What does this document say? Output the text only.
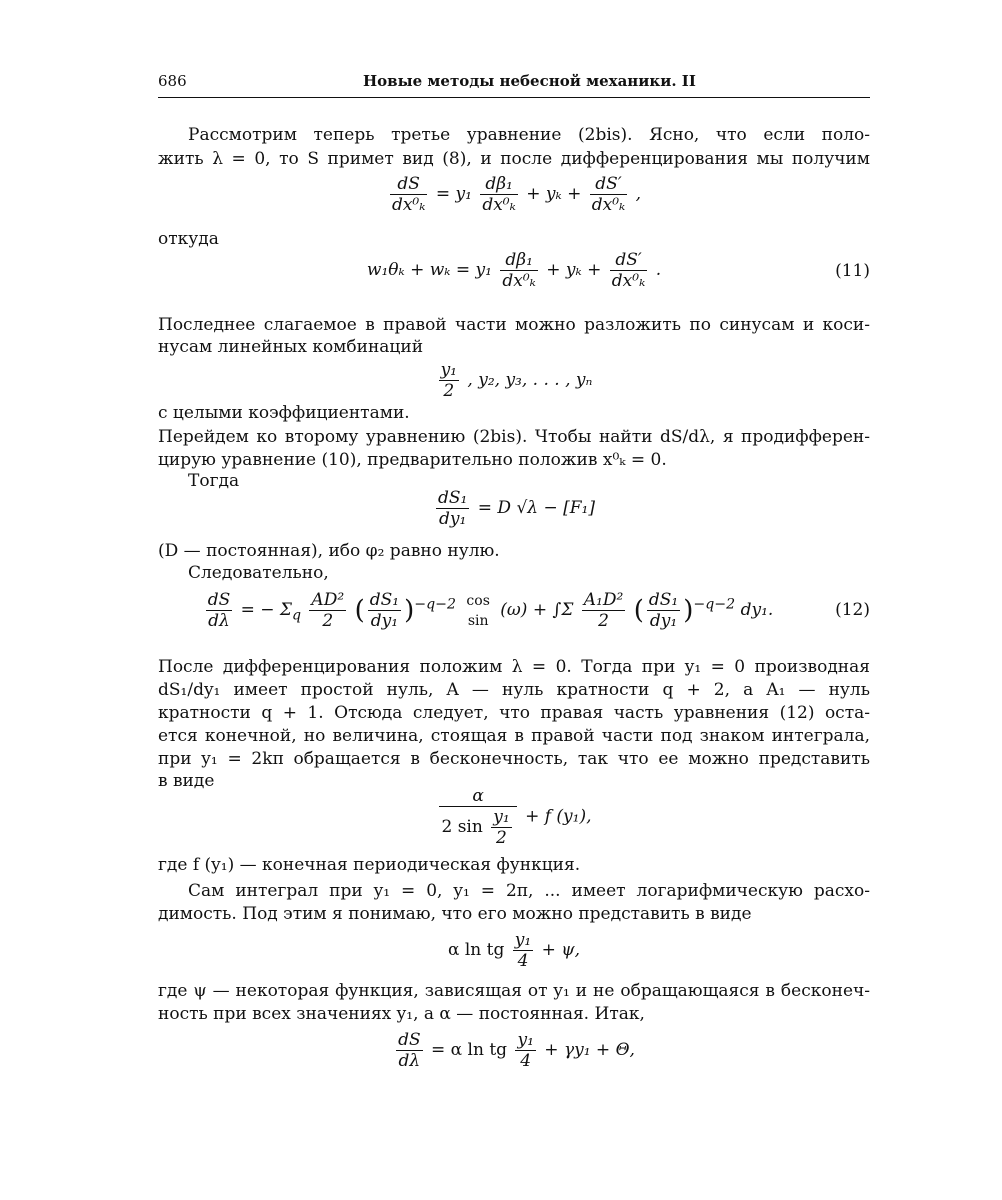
686	Новые методы небесной механики. II
Рассмотрим теперь третье уравнение (2bis). Ясно, что если поло-
жить λ = 0, то S примет вид (8), и после дифференцирования мы получим
$\frac{dS}{\text{dx⁰ₖ}} = y_1 \frac{\text{dβ₁}}{\text{dx⁰ₖ}} + y_k + \frac{dS'}{\text{dx⁰ₖ}}$ ,
откуда
$w_1\theta_k + w_k = y_1 \frac{\text{dβ₁}}{\text{dx⁰ₖ}} + y_k + \frac{dS'}{\text{dx⁰ₖ}}$ .	(11)
Последнее слагаемое в правой части можно разложить по синусам и коси-
нусам линейных комбинаций
$\frac{\text{y₁}}{2}$ , y₂, y₃, . . . , yₙ
с целыми коэффициентами.
Перейдем ко второму уравнению (2bis). Чтобы найти dS/dλ, я продифферен-
цирую уравнение (10), предварительно положив x⁰ₖ = 0.
Тогда
$\frac{\text{dS₁}}{\text{dy₁}} = D$ √λ − [F₁]
(D — постоянная), ибо φ₂ равно нулю.
Следовательно,
$\frac{dS}{d\lambda}$ = − $\Sigma_q \frac{\text{AD²}}{2}$ ( $\frac{\text{dS₁}}{\text{dy₁}} )^{-q-2}$ cos
sin
$(\omega) + \int\Sigma \frac{\text{A₁D²}}{2}$ ( $\frac{\text{dS₁}}{\text{dy₁}} )^{-q-2}$ dy₁.	(12)
После дифференцирования положим λ = 0. Тогда при y₁ = 0 производная
dS₁/dy₁ имеет простой нуль, A — нуль кратности q + 2, а A₁ — нуль
кратности q + 1. Отсюда следует, что правая часть уравнения (12) оста-
ется конечной, но величина, стоящая в правой части под знаком интеграла,
при y₁ = 2kπ обращается в бесконечность, так что ее можно представить
в виде
$\frac{\alpha}{2 \sin \frac{\text{y₁}}{2}} + f$ (y₁),
где f (y₁) — конечная периодическая функция.
Сам интеграл при y₁ = 0, y₁ = 2π, ... имеет логарифмическую расхо-
димость. Под этим я понимаю, что его можно представить в виде
α ln tg $\frac{\text{y₁}}{4} + \psi$,
где ψ — некоторая функция, зависящая от y₁ и не обращающаяся в бесконеч-
ность при всех значениях y₁, а α — постоянная. Итак,
$\frac{dS}{d\lambda} = \alpha$ ln tg $\frac{\text{y₁}}{4} + \gamma y_1 + \Theta$,
